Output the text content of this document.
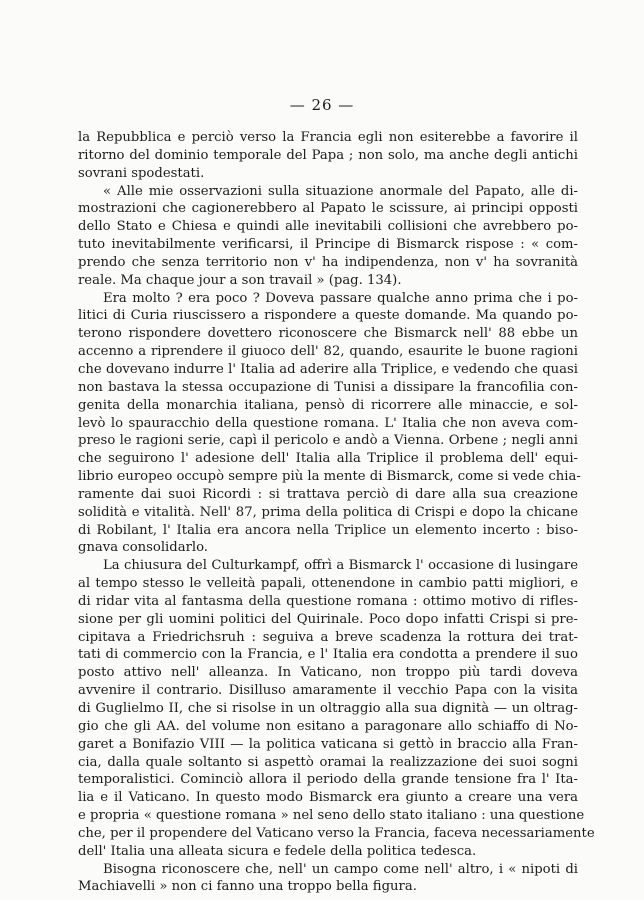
— 26 —

la Repubblica e perciò verso la Francia egli non esiterebbe a favorire il
ritorno del dominio temporale del Papa ; non solo, ma anche degli antichi
sovrani spodestati.

« Alle mie osservazioni sulla situazione anormale del Papato, alle di-
mostrazioni che cagionerebbero al Papato le scissure, ai principi opposti
dello Stato e Chiesa e quindi alle inevitabili collisioni che avrebbero po-
tuto inevitabilmente verificarsi, il Principe di Bismarck rispose : « com-
prendo che senza territorio non v' ha indipendenza, non v' ha sovranità
reale. Ma chaque jour a son travail » (pag. 134).

Era molto ? era poco ? Doveva passare qualche anno prima che i po-
litici di Curia riuscissero a rispondere a queste domande. Ma quando po-
terono rispondere dovettero riconoscere che Bismarck nell' 88 ebbe un
accenno a riprendere il giuoco dell' 82, quando, esaurite le buone ragioni
che dovevano indurre l' Italia ad aderire alla Triplice, e vedendo che quasi
non bastava la stessa occupazione di Tunisi a dissipare la francofilia con-
genita della monarchia italiana, pensò di ricorrere alle minaccie, e sol-
levò lo spauracchio della questione romana. L' Italia che non aveva com-
preso le ragioni serie, capì il pericolo e andò a Vienna. Orbene ; negli anni
che seguirono l' adesione dell' Italia alla Triplice il problema dell' equi-
librio europeo occupò sempre più la mente di Bismarck, come si vede chia-
ramente dai suoi Ricordi : si trattava perciò di dare alla sua creazione
solidità e vitalità. Nell' 87, prima della politica di Crispi e dopo la chicane
di Robilant, l' Italia era ancora nella Triplice un elemento incerto : biso-
gnava consolidarlo.

La chiusura del Culturkampf, offrì a Bismarck l' occasione di lusingare
al tempo stesso le velleità papali, ottenendone in cambio patti migliori, e
di ridar vita al fantasma della questione romana : ottimo motivo di rifles-
sione per gli uomini politici del Quirinale. Poco dopo infatti Crispi si pre-
cipitava a Friedrichsruh : seguiva a breve scadenza la rottura dei trat-
tati di commercio con la Francia, e l' Italia era condotta a prendere il suo
posto attivo nell' alleanza. In Vaticano, non troppo più tardi doveva
avvenire il contrario. Disilluso amaramente il vecchio Papa con la visita
di Guglielmo II, che si risolse in un oltraggio alla sua dignità — un oltrag-
gio che gli AA. del volume non esitano a paragonare allo schiaffo di No-
garet a Bonifazio VIII — la politica vaticana si gettò in braccio alla Fran-
cia, dalla quale soltanto si aspettò oramai la realizzazione dei suoi sogni
temporalistici. Cominciò allora il periodo della grande tensione fra l' Ita-
lia e il Vaticano. In questo modo Bismarck era giunto a creare una vera
e propria « questione romana » nel seno dello stato italiano : una questione
che, per il propendere del Vaticano verso la Francia, faceva necessariamente
dell' Italia una alleata sicura e fedele della politica tedesca.

Bisogna riconoscere che, nell' un campo come nell' altro, i « nipoti di
Machiavelli » non ci fanno una troppo bella figura.
